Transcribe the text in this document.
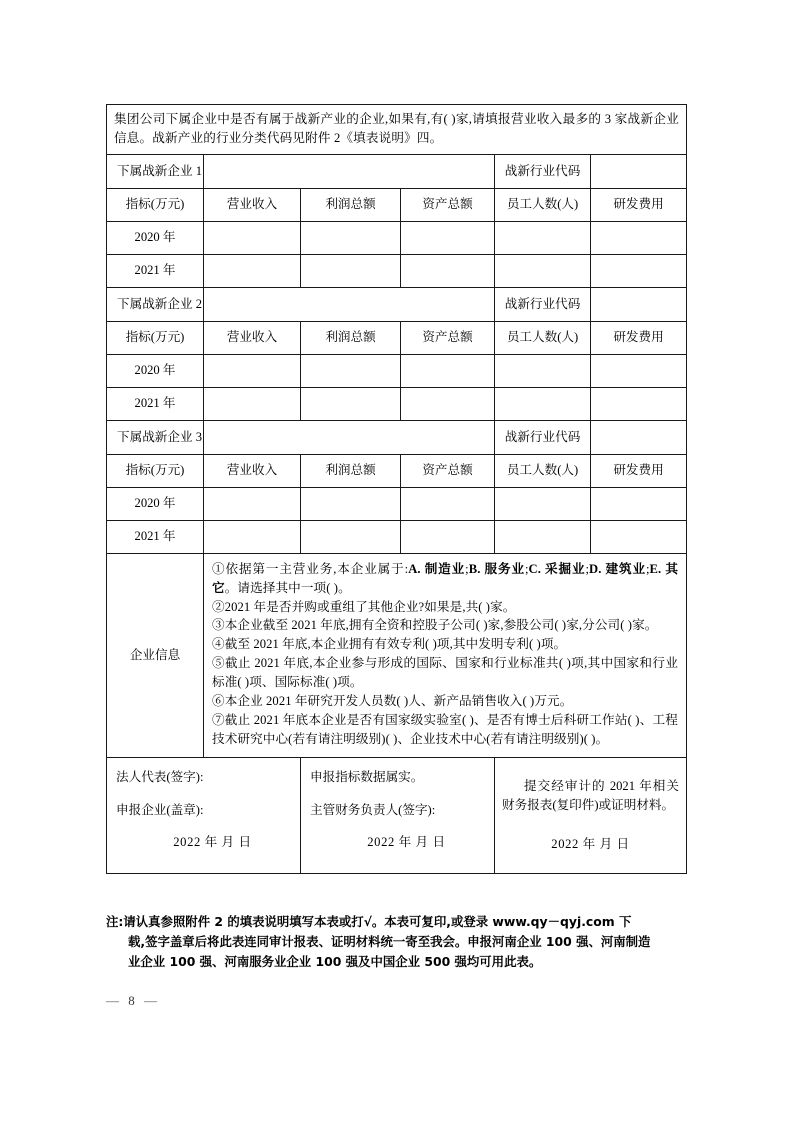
集团公司下属企业中是否有属于战新产业的企业,如果有,有( )家,请填报营业收入最多的 3 家战新企业信息。战新产业的行业分类代码见附件 2《填表说明》四。					
下属战新企业 1				战新行业代码	
指标(万元)	营业收入	利润总额	资产总额	员工人数(人)	研发费用
2020 年					
2021 年					
下属战新企业 2				战新行业代码	
指标(万元)	营业收入	利润总额	资产总额	员工人数(人)	研发费用
2020 年					
2021 年					
下属战新企业 3				战新行业代码	
指标(万元)	营业收入	利润总额	资产总额	员工人数(人)	研发费用
2020 年					
2021 年					
企业信息	

①依据第一主营业务,本企业属于:A. 制造业;B. 服务业;C. 采掘业;D. 建筑业;E. 其它。请选择其中一项( )。

②2021 年是否并购或重组了其他企业?如果是,共( )家。

③本企业截至 2021 年底,拥有全资和控股子公司( )家,参股公司( )家,分公司( )家。

④截至 2021 年底,本企业拥有有效专利( )项,其中发明专利( )项。

⑤截止 2021 年底,本企业参与形成的国际、国家和行业标准共( )项,其中国家和行业标准( )项、国际标准( )项。

⑥本企业 2021 年研究开发人员数( )人、新产品销售收入( )万元。

⑦截止 2021 年底本企业是否有国家级实验室( )、是否有博士后科研工作站( )、工程技术研究中心(若有请注明级别)( )、企业技术中心(若有请注明级别)( )。

法人代表(签字):

申报企业(盖章):

2022 年 月 日

申报指标数据属实。

主管财务负责人(签字):

2022 年 月 日

提交经审计的 2021 年相关财务报表(复印件)或证明材料。

2022 年 月 日

注:请认真参照附件 2 的填表说明填写本表或打√。本表可复印,或登录 www.qy－qyj.com 下
载,签字盖章后将此表连同审计报表、证明材料统一寄至我会。申报河南企业 100 强、河南制造
业企业 100 强、河南服务业企业 100 强及中国企业 500 强均可用此表。
— 8 —
